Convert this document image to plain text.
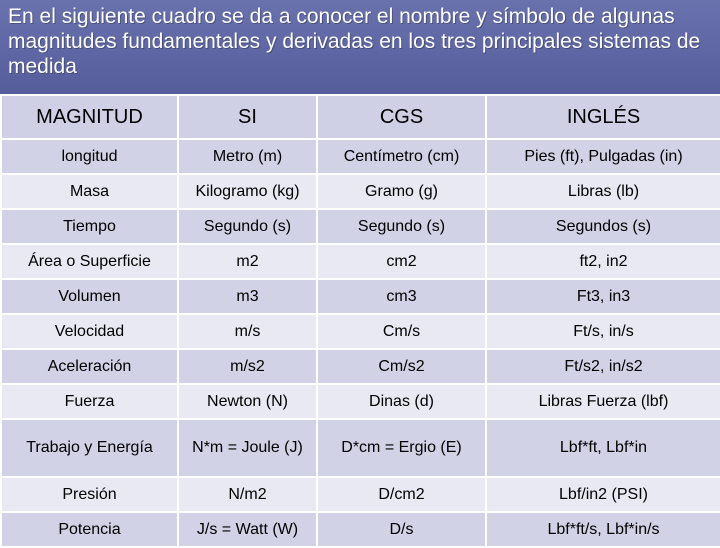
En el siguiente cuadro se da a conocer el nombre y símbolo de algunas magnitudes fundamentales y derivadas en los tres principales sistemas de medida

MAGNITUD	SI	CGS	INGLÉS
longitud	Metro (m)	Centímetro (cm)	Pies (ft), Pulgadas (in)
Masa	Kilogramo (kg)	Gramo (g)	Libras (lb)
Tiempo	Segundo (s)	Segundo (s)	Segundos (s)
Área o Superficie	m2	cm2	ft2, in2
Volumen	m3	cm3	Ft3, in3
Velocidad	m/s	Cm/s	Ft/s, in/s
Aceleración	m/s2	Cm/s2	Ft/s2, in/s2
Fuerza	Newton (N)	Dinas (d)	Libras Fuerza (lbf)
Trabajo y Energía	N*m = Joule (J)	D*cm = Ergio (E)	Lbf*ft, Lbf*in
Presión	N/m2	D/cm2	Lbf/in2 (PSI)
Potencia	J/s = Watt (W)	D/s	Lbf*ft/s, Lbf*in/s
